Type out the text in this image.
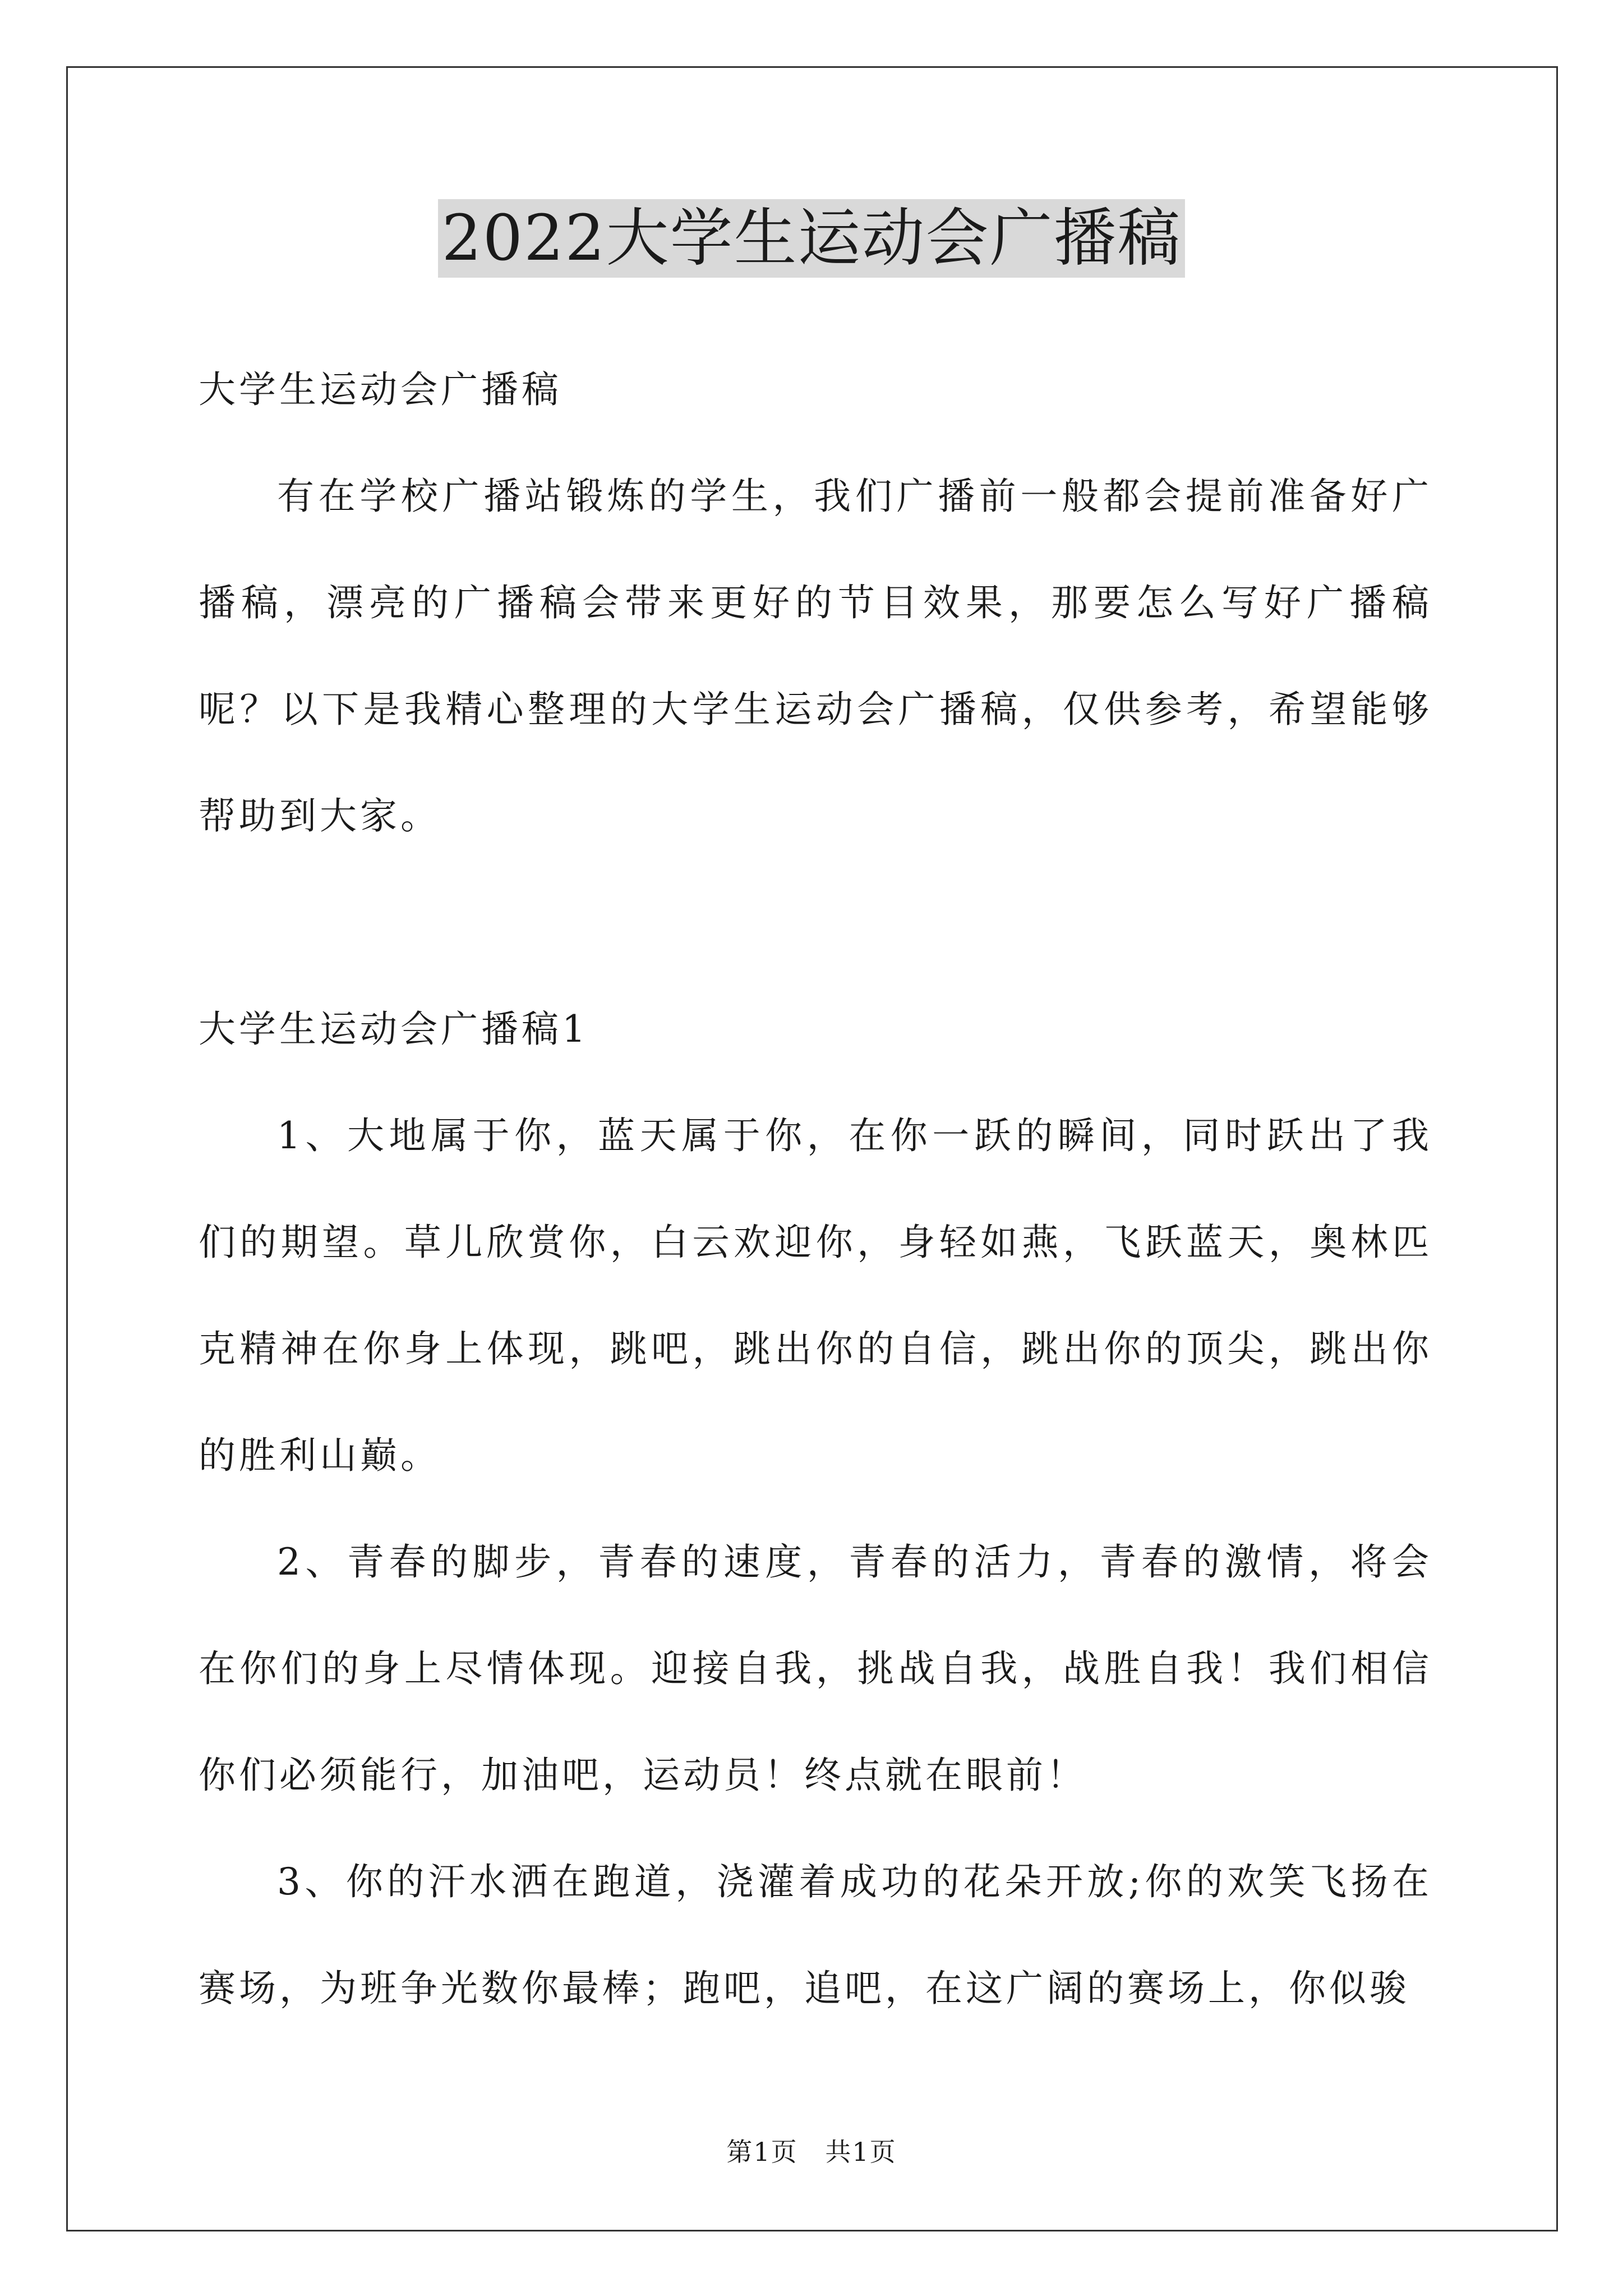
2022大学生运动会广播稿

大学生运动会广播稿

有在学校广播站锻炼的学生，我们广播前一般都会提前准备好广播稿，漂亮的广播稿会带来更好的节目效果，那要怎么写好广播稿呢？以下是我精心整理的大学生运动会广播稿，仅供参考，希望能够帮助到大家。

大学生运动会广播稿1

1、大地属于你，蓝天属于你，在你一跃的瞬间，同时跃出了我们的期望。草儿欣赏你，白云欢迎你，身轻如燕，飞跃蓝天，奥林匹克精神在你身上体现，跳吧，跳出你的自信，跳出你的顶尖，跳出你的胜利山巅。

2、青春的脚步，青春的速度，青春的活力，青春的激情，将会在你们的身上尽情体现。迎接自我，挑战自我，战胜自我！我们相信你们必须能行，加油吧，运动员！终点就在眼前！

3、你的汗水洒在跑道，浇灌着成功的花朵开放;你的欢笑飞扬在赛场，为班争光数你最棒；跑吧，追吧，在这广阔的赛场上，你似骏

第1页 共1页
